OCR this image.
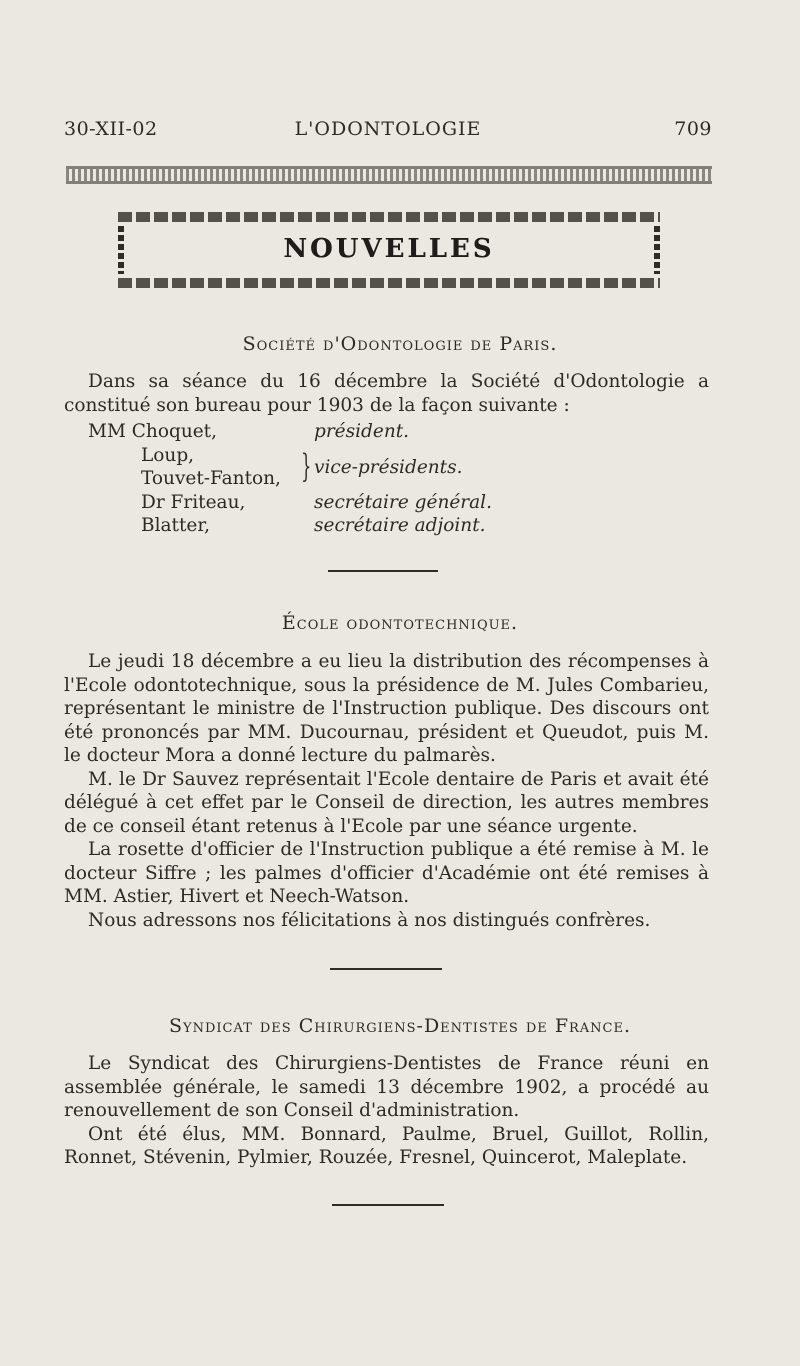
30-XII-02	L'ODONTOLOGIE	709
NOUVELLES
Société d'Odontologie de Paris.

Dans sa séance du 16 décembre la Société d'Odontologie a constitué son bureau pour 1903 de la façon suivante :

MM Choquet,	président.
Loup,
Touvet-Fanton, } vice-présidents.
Dr Friteau,	secrétaire général.
Blatter,	secrétaire adjoint.
École odontotechnique.

Le jeudi 18 décembre a eu lieu la distribution des récompenses à l'Ecole odontotechnique, sous la présidence de M. Jules Combarieu, représentant le ministre de l'Instruction publique. Des discours ont été prononcés par MM. Ducournau, président et Queudot, puis M. le docteur Mora a donné lecture du palmarès.

M. le Dr Sauvez représentait l'Ecole dentaire de Paris et avait été délégué à cet effet par le Conseil de direction, les autres membres de ce conseil étant retenus à l'Ecole par une séance urgente.

La rosette d'officier de l'Instruction publique a été remise à M. le docteur Siffre ; les palmes d'officier d'Académie ont été remises à MM. Astier, Hivert et Neech-Watson.

Nous adressons nos félicitations à nos distingués confrères.

Syndicat des Chirurgiens-Dentistes de France.

Le Syndicat des Chirurgiens-Dentistes de France réuni en assemblée générale, le samedi 13 décembre 1902, a procédé au renouvellement de son Conseil d'administration.

Ont été élus, MM. Bonnard, Paulme, Bruel, Guillot, Rollin, Ronnet, Stévenin, Pylmier, Rouzée, Fresnel, Quincerot, Maleplate.
